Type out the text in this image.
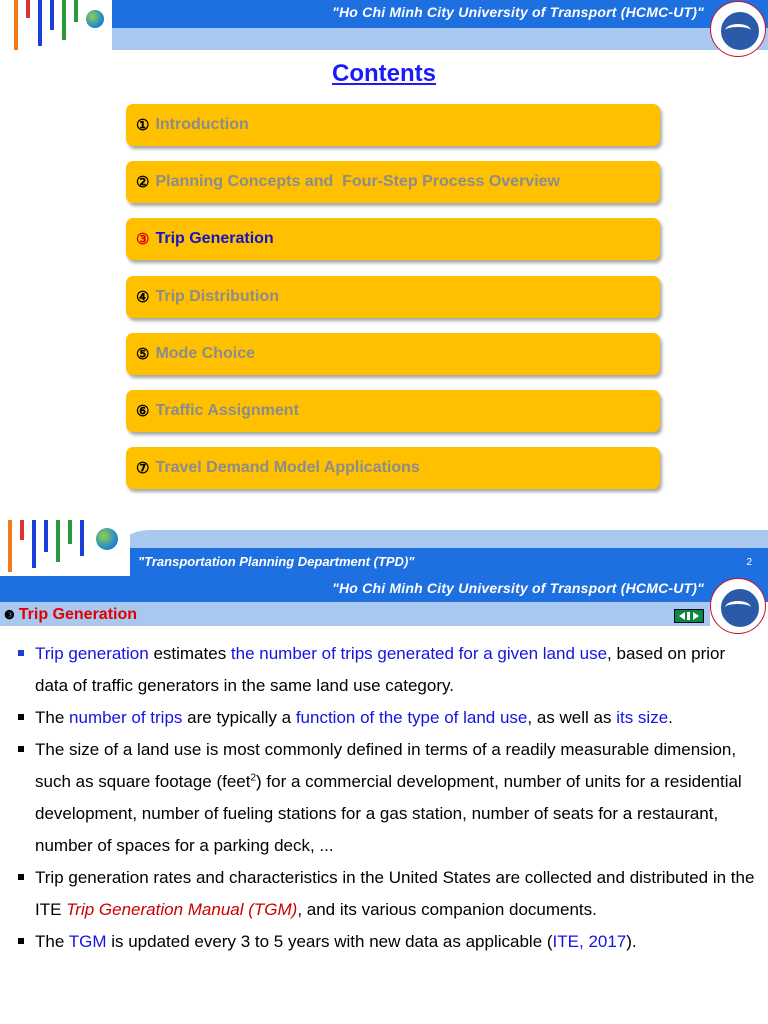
"Ho Chi Minh City University of Transport (HCMC-UT)"
Contents
① Introduction
② Planning Concepts and  Four-Step Process Overview
③ Trip Generation
④ Trip Distribution
⑤ Mode Choice
⑥ Traffic Assignment
⑦ Travel Demand Model Applications
"Transportation Planning Department (TPD)"	2
"Ho Chi Minh City University of Transport (HCMC-UT)"
❸ Trip Generation
Trip generation estimates the number of trips generated for a given land use, based on prior data of traffic generators in the same land use category.
The number of trips are typically a function of the type of land use, as well as its size.
The size of a land use is most commonly defined in terms of a readily measurable dimension, such as square footage (feet$^2$) for a commercial development, number of units for a residential development, number of fueling stations for a gas station, number of seats for a restaurant, number of spaces for a parking deck, ...
Trip generation rates and characteristics in the United States are collected and distributed in the ITE Trip Generation Manual (TGM), and its various companion documents.
The TGM is updated every 3 to 5 years with new data as applicable (ITE, 2017).
